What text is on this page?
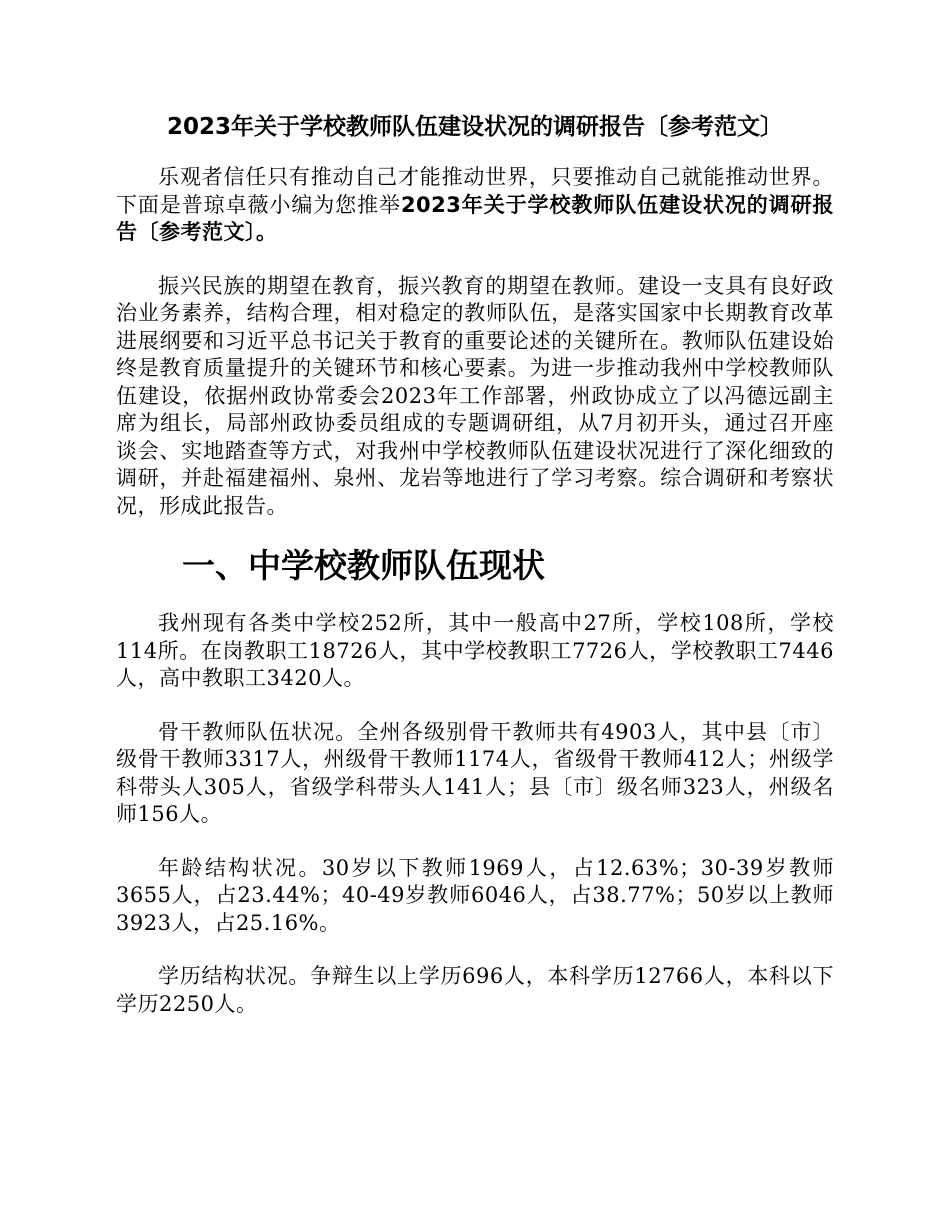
2023年关于学校教师队伍建设状况的调研报告〔参考范文〕

乐观者信任只有推动自己才能推动世界，只要推动自己就能推动世界。下面是普琼卓薇小编为您推举2023年关于学校教师队伍建设状况的调研报告〔参考范文〕。

振兴民族的期望在教育，振兴教育的期望在教师。建设一支具有良好政治业务素养，结构合理，相对稳定的教师队伍，是落实国家中长期教育改革进展纲要和习近平总书记关于教育的重要论述的关键所在。教师队伍建设始终是教育质量提升的关键环节和核心要素。为进一步推动我州中学校教师队伍建设，依据州政协常委会2023年工作部署，州政协成立了以冯德远副主席为组长，局部州政协委员组成的专题调研组，从7月初开头，通过召开座谈会、实地踏查等方式，对我州中学校教师队伍建设状况进行了深化细致的调研，并赴福建福州、泉州、龙岩等地进行了学习考察。综合调研和考察状况，形成此报告。

一、中学校教师队伍现状

我州现有各类中学校252所，其中一般高中27所，学校108所，学校114所。在岗教职工18726人，其中学校教职工7726人，学校教职工7446人，高中教职工3420人。

骨干教师队伍状况。全州各级别骨干教师共有4903人，其中县〔市〕级骨干教师3317人，州级骨干教师1174人，省级骨干教师412人；州级学科带头人305人，省级学科带头人141人；县〔市〕级名师323人，州级名师156人。

年龄结构状况。30岁以下教师1969人，占12.63%；30-39岁教师3655人，占23.44%；40-49岁教师6046人，占38.77%；50岁以上教师3923人，占25.16%。

学历结构状况。争辩生以上学历696人，本科学历12766人，本科以下学历2250人。
